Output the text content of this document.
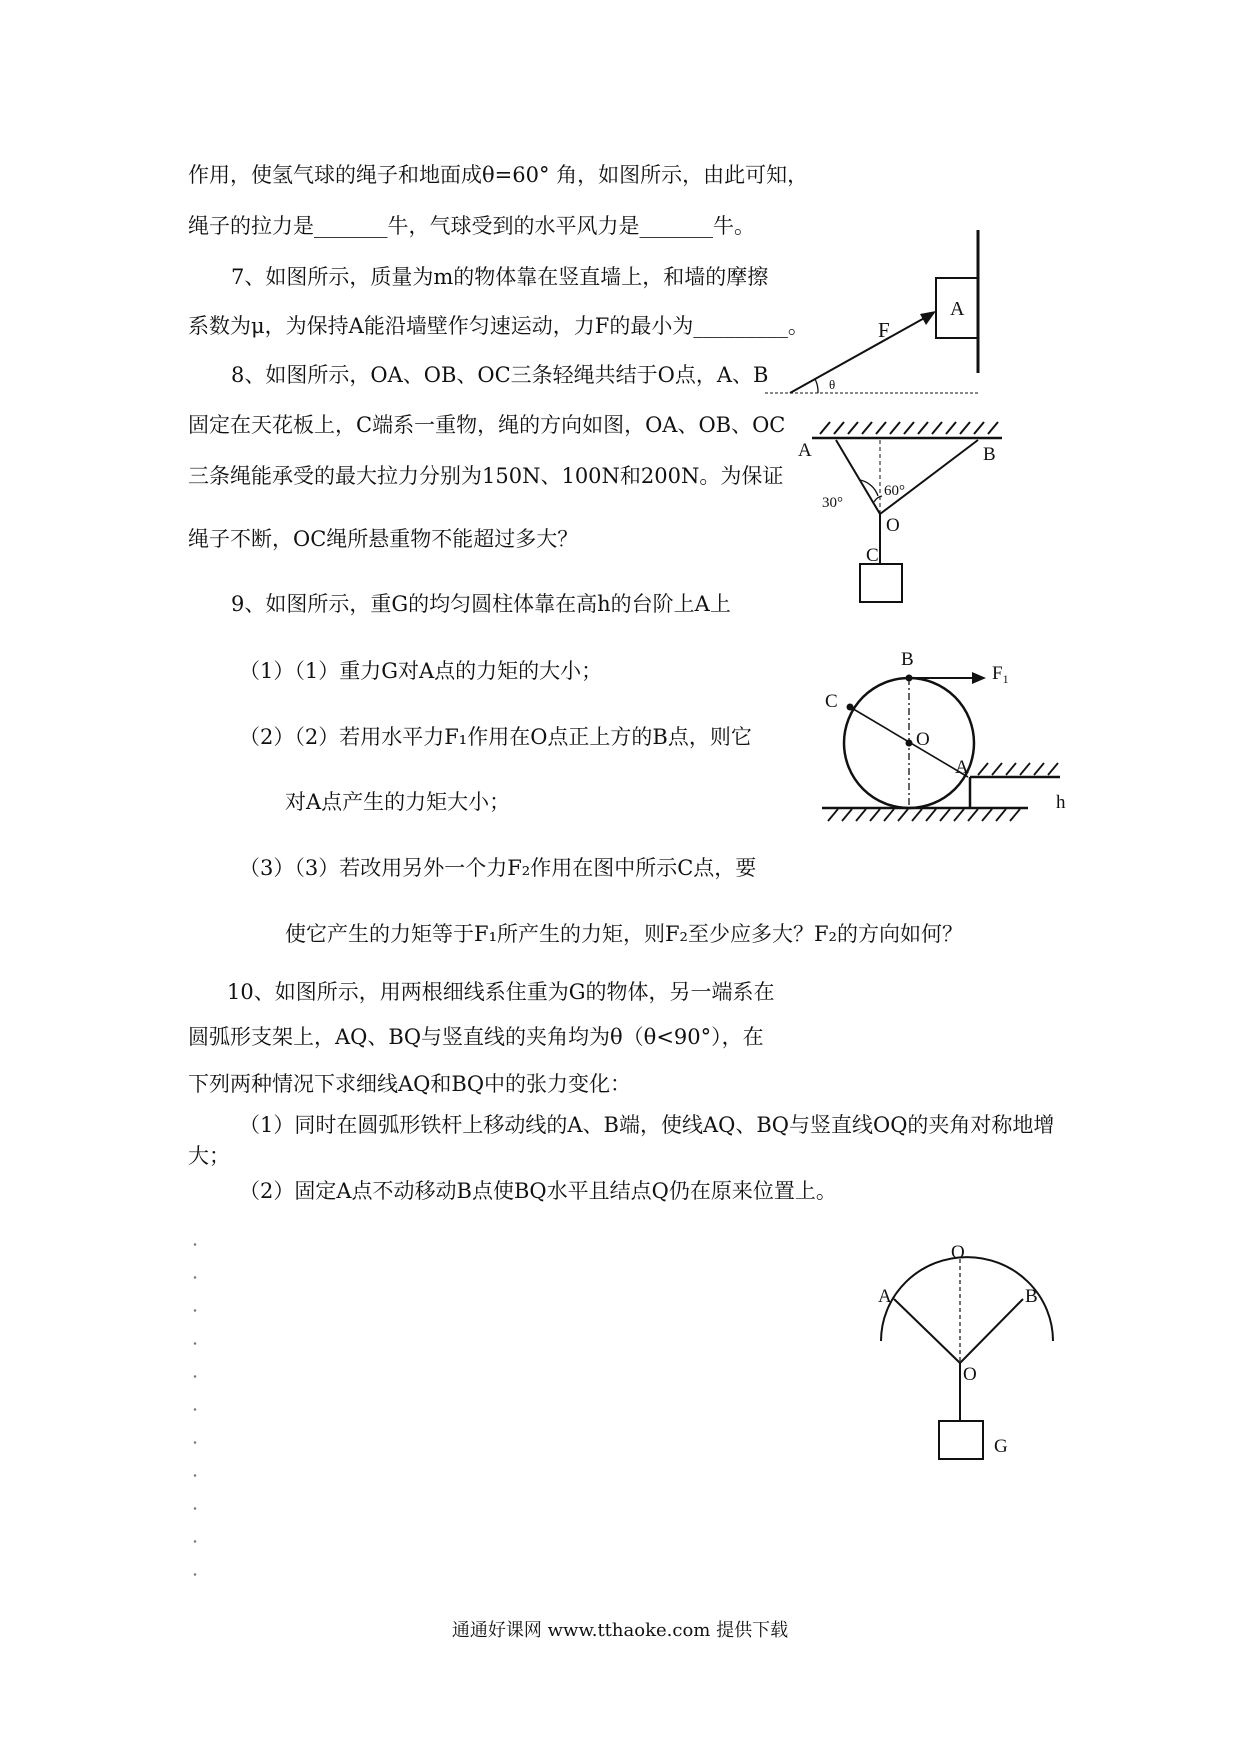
作用，使氢气球的绳子和地面成θ=60° 角，如图所示，由此可知，
绳子的拉力是_______牛，气球受到的水平风力是_______牛。
7、如图所示，质量为m的物体靠在竖直墙上，和墙的摩擦
系数为μ，为保持A能沿墙壁作匀速运动，力F的最小为_________。
8、如图所示，OA、OB、OC三条轻绳共结于O点，A、B
固定在天花板上，C端系一重物，绳的方向如图，OA、OB、OC
三条绳能承受的最大拉力分别为150N、100N和200N。为保证
绳子不断，OC绳所悬重物不能超过多大？
9、如图所示，重G的均匀圆柱体靠在高h的台阶上A上
（1）（1）重力G对A点的力矩的大小；
（2）（2）若用水平力F₁作用在O点正上方的B点，则它
对A点产生的力矩大小；
（3）（3）若改用另外一个力F₂作用在图中所示C点，要
使它产生的力矩等于F₁所产生的力矩，则F₂至少应多大？F₂的方向如何？
10、如图所示，用两根细线系住重为G的物体，另一端系在
圆弧形支架上，AQ、BQ与竖直线的夹角均为θ（θ<90°），在
下列两种情况下求细线AQ和BQ中的张力变化：
（1）同时在圆弧形铁杆上移动线的A、B端，使线AQ、BQ与竖直线OQ的夹角对称地增
大；
（2）固定A点不动移动B点使BQ水平且结点Q仍在原来位置上。
A
F
θ
A	B
O
C
30°
60°
B
$F_1$
C
O
A
h
O
A	B
O
G
通通好课网 www.tthaoke.com 提供下载
